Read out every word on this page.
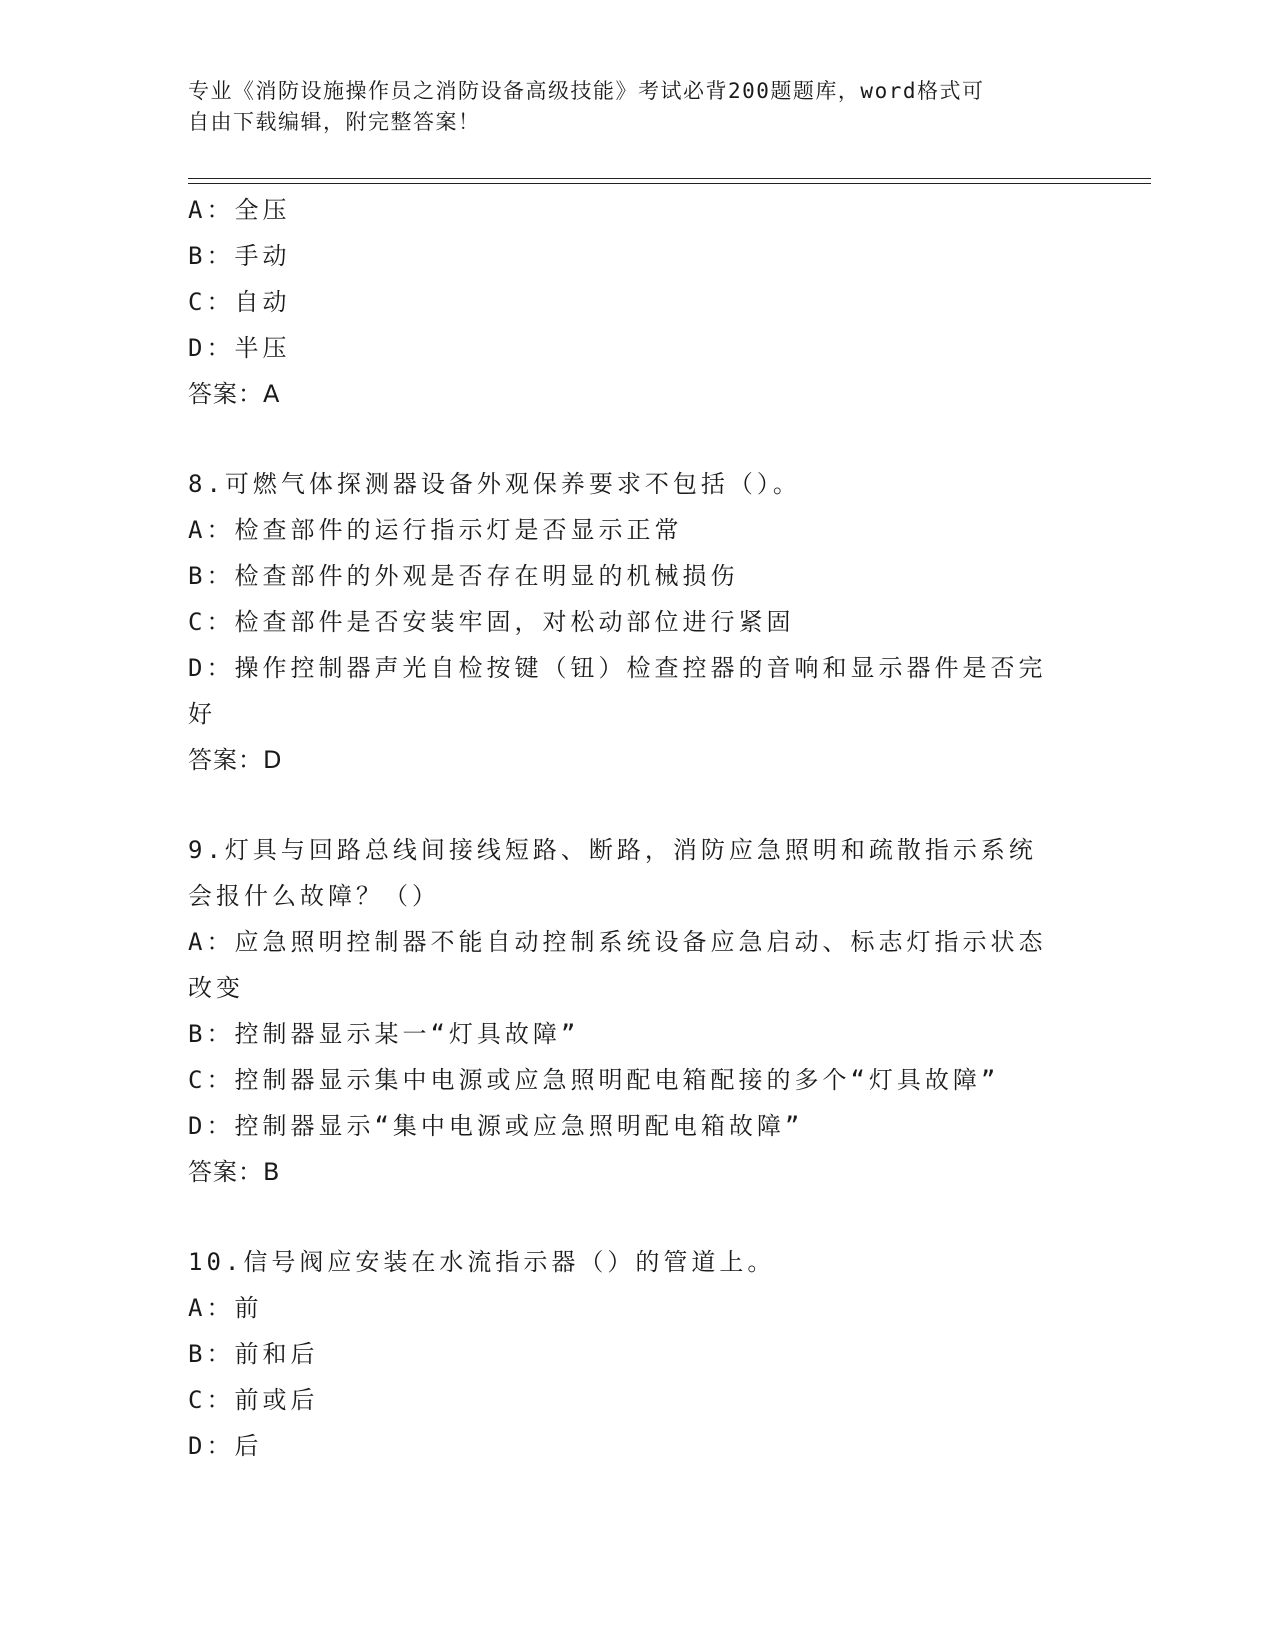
专业《消防设施操作员之消防设备高级技能》考试必背200题题库，word格式可
自由下载编辑，附完整答案！

A：全压

B：手动

C：自动

D：半压

答案：A

8.可燃气体探测器设备外观保养要求不包括（）。

A：检查部件的运行指示灯是否显示正常

B：检查部件的外观是否存在明显的机械损伤

C：检查部件是否安装牢固，对松动部位进行紧固

D：操作控制器声光自检按键（钮）检查控器的音响和显示器件是否完

好

答案：D

9.灯具与回路总线间接线短路、断路，消防应急照明和疏散指示系统

会报什么故障？（）

A：应急照明控制器不能自动控制系统设备应急启动、标志灯指示状态

改变

B：控制器显示某一“灯具故障”

C：控制器显示集中电源或应急照明配电箱配接的多个“灯具故障”

D：控制器显示“集中电源或应急照明配电箱故障”

答案：B

10.信号阀应安装在水流指示器（）的管道上。

A：前

B：前和后

C：前或后

D：后
